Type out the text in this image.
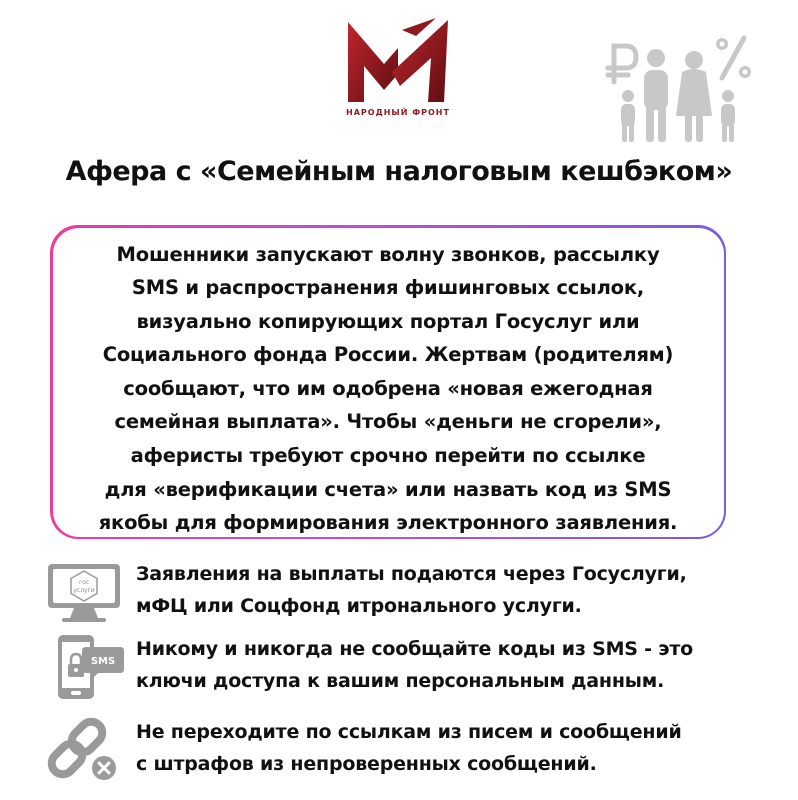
НАРОДНЫЙ ФРОНТ
Афера с «Семейным налоговым кешбэком»

Мошенники запускают волну звонков, рассылку
SMS и распространения фишинговых ссылок,
визуально копирующих портал Госуслуг или
Социального фонда России. Жертвам (родителям)
сообщают, что им одобрена «новая ежегодная
семейная выплата». Чтобы «деньги не сгорели»,
аферисты требуют срочно перейти по ссылке
для «верификации счета» или назвать код из SMS
якобы для формирования электронного заявления.

гос
услуги
Заявления на выплаты подаются через Госуслуги,
мФЦ или Соцфонд итронального услуги.
SMS
Никому и никогда не сообщайте коды из SMS - это
ключи доступа к вашим персональным данным.
Не переходите по ссылкам из писем и сообщений
с штрафов из непроверенных сообщений.
